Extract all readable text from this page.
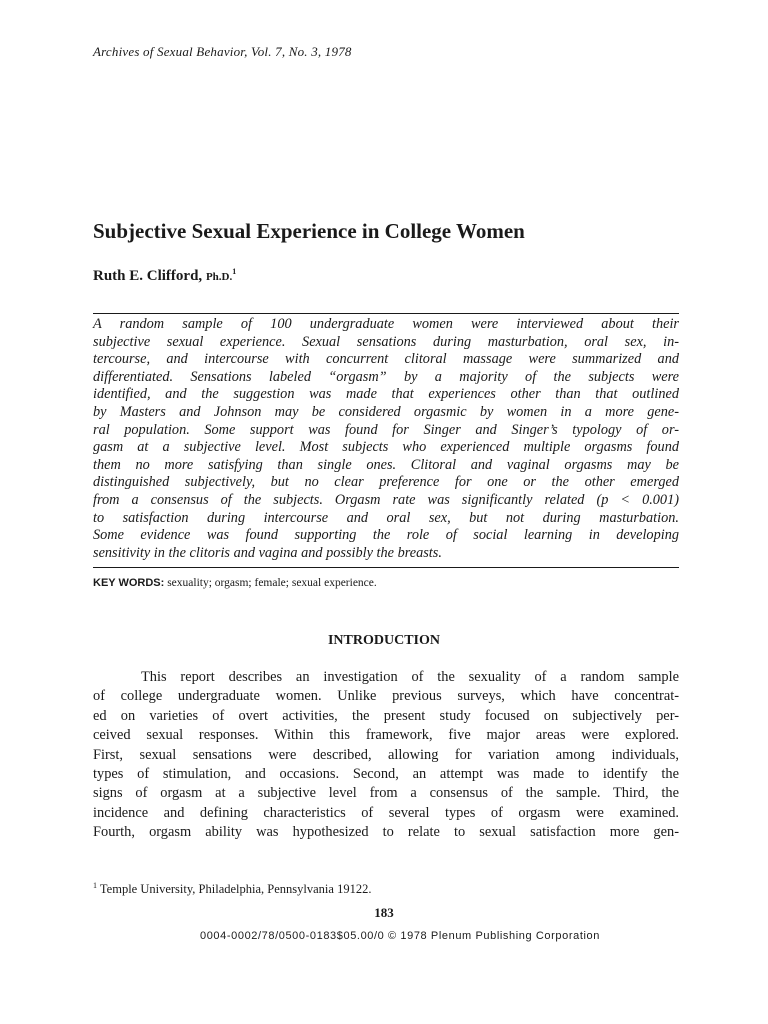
Archives of Sexual Behavior, Vol. 7, No. 3, 1978
Subjective Sexual Experience in College Women
Ruth E. Clifford, Ph.D.$^1$
A random sample of 100 undergraduate women were interviewed about their
subjective sexual experience. Sexual sensations during masturbation, oral sex, in-
tercourse, and intercourse with concurrent clitoral massage were summarized and
differentiated. Sensations labeled “orgasm” by a majority of the subjects were
identified, and the suggestion was made that experiences other than that outlined
by Masters and Johnson may be considered orgasmic by women in a more gene-
ral population. Some support was found for Singer and Singer’s typology of or-
gasm at a subjective level. Most subjects who experienced multiple orgasms found
them no more satisfying than single ones. Clitoral and vaginal orgasms may be
distinguished subjectively, but no clear preference for one or the other emerged
from a consensus of the subjects. Orgasm rate was significantly related (p < 0.001)
to satisfaction during intercourse and oral sex, but not during masturbation.
Some evidence was found supporting the role of social learning in developing
sensitivity in the clitoris and vagina and possibly the breasts.
KEY WORDS: sexuality; orgasm; female; sexual experience.
INTRODUCTION
This report describes an investigation of the sexuality of a random sample
of college undergraduate women. Unlike previous surveys, which have concentrat-
ed on varieties of overt activities, the present study focused on subjectively per-
ceived sexual responses. Within this framework, five major areas were explored.
First, sexual sensations were described, allowing for variation among individuals,
types of stimulation, and occasions. Second, an attempt was made to identify the
signs of orgasm at a subjective level from a consensus of the sample. Third, the
incidence and defining characteristics of several types of orgasm were examined.
Fourth, orgasm ability was hypothesized to relate to sexual satisfaction more gen-
$^1$ Temple University, Philadelphia, Pennsylvania 19122.
183
0004-0002/78/0500-0183$05.00/0 © 1978 Plenum Publishing Corporation
